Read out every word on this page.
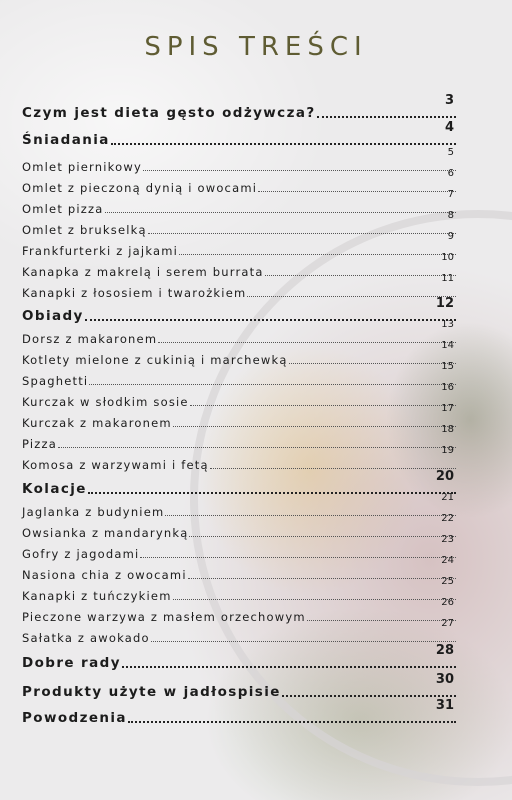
SPIS TREŚCI
Czym jest dieta gęsto odżywcza?
3
Śniadania
4
Omlet piernikowy
5
Omlet z pieczoną dynią i owocami
6
Omlet pizza
7
Omlet z brukselką
8
Frankfurterki z jajkami
9
Kanapka z makrelą i serem burrata
10
Kanapki z łososiem i twarożkiem
11
Obiady
12
Dorsz z makaronem
13
Kotlety mielone z cukinią i marchewką
14
Spaghetti
15
Kurczak w słodkim sosie
16
Kurczak z makaronem
17
Pizza
18
Komosa z warzywami i fetą
19
Kolacje
20
Jaglanka z budyniem
21
Owsianka z mandarynką
22
Gofry z jagodami
23
Nasiona chia z owocami
24
Kanapki z tuńczykiem
25
Pieczone warzywa z masłem orzechowym
26
Sałatka z awokado
27
Dobre rady
28
Produkty użyte w jadłospisie
30
Powodzenia
31
